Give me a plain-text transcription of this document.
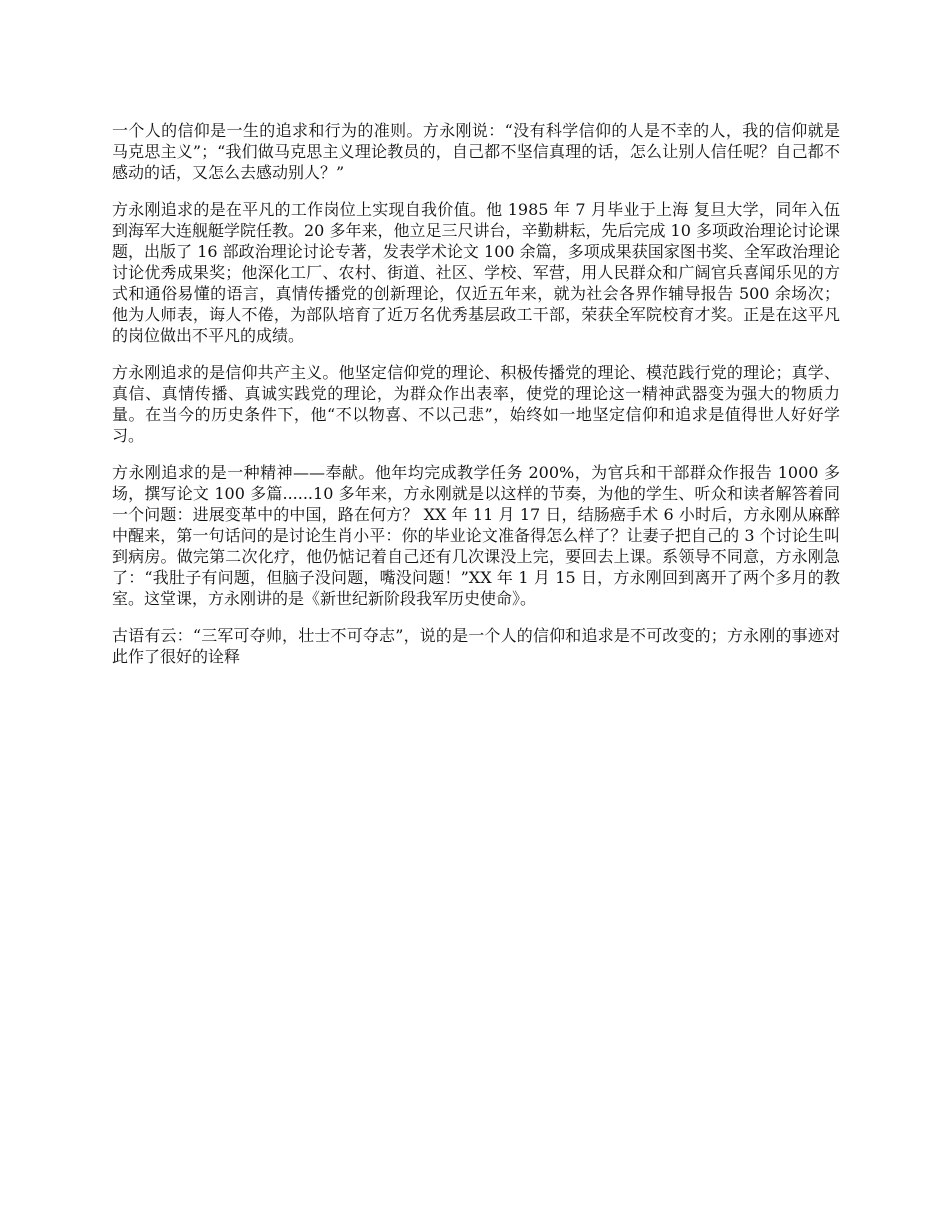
一个人的信仰是一生的追求和行为的准则。方永刚说：“没有科学信仰的人是不幸的人，我的信仰就是马克思主义”；“我们做马克思主义理论教员的，自己都不坚信真理的话，怎么让别人信任呢？自己都不感动的话，又怎么去感动别人？”

方永刚追求的是在平凡的工作岗位上实现自我价值。他 1985 年 7 月毕业于上海 复旦大学，同年入伍到海军大连舰艇学院任教。20 多年来，他立足三尺讲台，辛勤耕耘，先后完成 10 多项政治理论讨论课题，出版了 16 部政治理论讨论专著，发表学术论文 100 余篇，多项成果获国家图书奖、全军政治理论讨论优秀成果奖；他深化工厂、农村、街道、社区、学校、军营，用人民群众和广阔官兵喜闻乐见的方式和通俗易懂的语言，真情传播党的创新理论，仅近五年来，就为社会各界作辅导报告 500 余场次；他为人师表，诲人不倦，为部队培育了近万名优秀基层政工干部，荣获全军院校育才奖。正是在这平凡的岗位做出不平凡的成绩。

方永刚追求的是信仰共产主义。他坚定信仰党的理论、积极传播党的理论、模范践行党的理论；真学、真信、真情传播、真诚实践党的理论，为群众作出表率，使党的理论这一精神武器变为强大的物质力量。在当今的历史条件下，他“不以物喜、不以己悲”，始终如一地坚定信仰和追求是值得世人好好学习。

方永刚追求的是一种精神——奉献。他年均完成教学任务 200%，为官兵和干部群众作报告 1000 多场，撰写论文 100 多篇......10 多年来，方永刚就是以这样的节奏，为他的学生、听众和读者解答着同一个问题：进展变革中的中国，路在何方？ XX 年 11 月 17 日，结肠癌手术 6 小时后，方永刚从麻醉中醒来，第一句话问的是讨论生肖小平：你的毕业论文准备得怎么样了？让妻子把自己的 3 个讨论生叫到病房。做完第二次化疗，他仍惦记着自己还有几次课没上完，要回去上课。系领导不同意，方永刚急了：“我肚子有问题，但脑子没问题，嘴没问题！”XX 年 1 月 15 日，方永刚回到离开了两个多月的教室。这堂课，方永刚讲的是《新世纪新阶段我军历史使命》。

古语有云：“三军可夺帅，壮士不可夺志”，说的是一个人的信仰和追求是不可改变的；方永刚的事迹对此作了很好的诠释
